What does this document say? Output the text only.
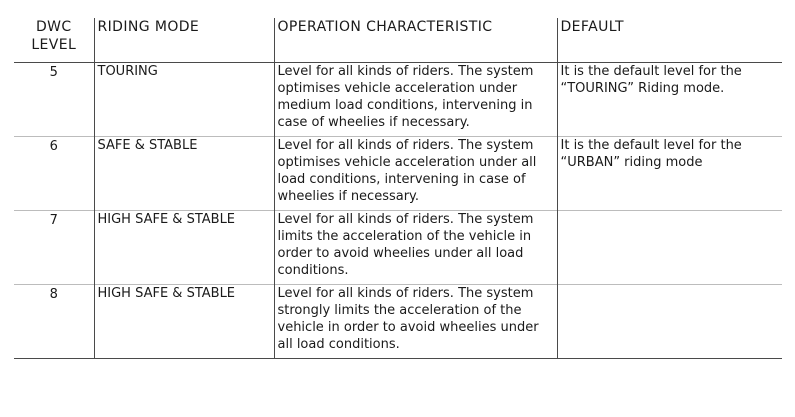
DWC
LEVEL	RIDING MODE	OPERATION CHARACTERISTIC	DEFAULT

5	TOURING	Level for all kinds of riders. The system optimises vehicle acceleration under medium load conditions, intervening in case of wheelies if necessary.	It is the default level for the “TOURING” Riding mode.

6	SAFE & STABLE	Level for all kinds of riders. The system optimises vehicle acceleration under all load conditions, intervening in case of wheelies if necessary.	It is the default level for the “URBAN” riding mode

7	HIGH SAFE & STABLE	Level for all kinds of riders. The system limits the acceleration of the vehicle in order to avoid wheelies under all load conditions.	

8	HIGH SAFE & STABLE	Level for all kinds of riders. The system strongly limits the acceleration of the vehicle in order to avoid wheelies under all load conditions.	
